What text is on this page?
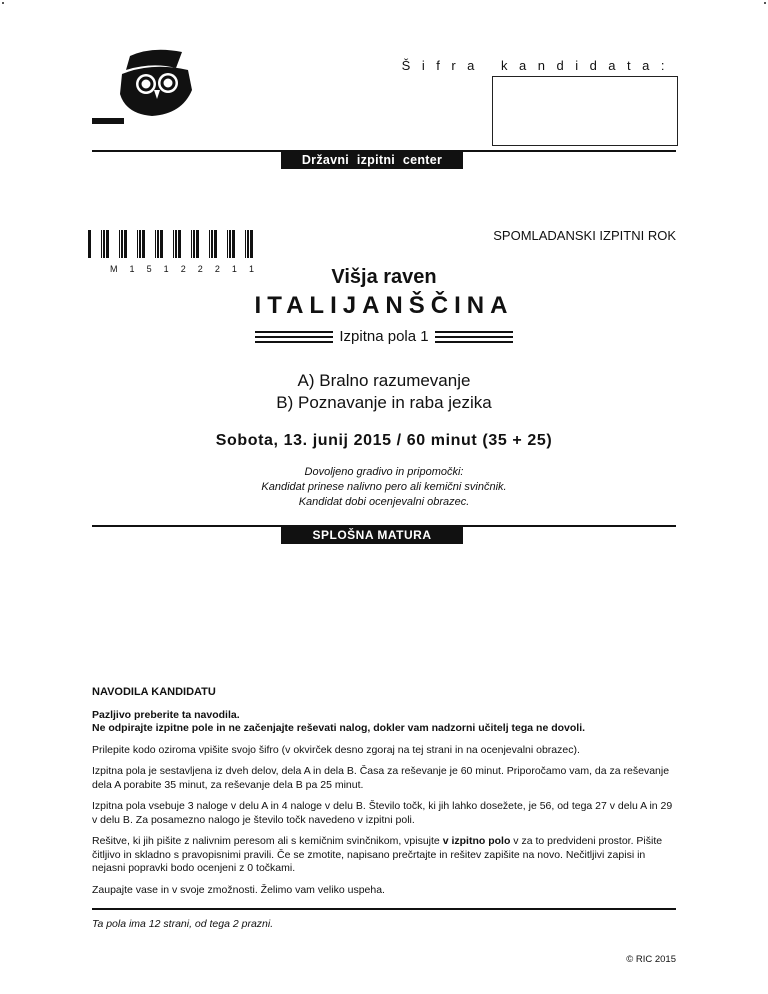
Šifra kandidata:
Državni izpitni center
M 1 5 1 2 2 2 1 1
SPOMLADANSKI IZPITNI ROK
Višja raven
ITALIJANŠČINA
Izpitna pola 1
A) Bralno razumevanje
B) Poznavanje in raba jezika
Sobota, 13. junij 2015 / 60 minut (35 + 25)
Dovoljeno gradivo in pripomočki:
Kandidat prinese nalivno pero ali kemični svinčnik.
Kandidat dobi ocenjevalni obrazec.
SPLOŠNA MATURA
NAVODILA KANDIDATU

Pazljivo preberite ta navodila.
Ne odpirajte izpitne pole in ne začenjajte reševati nalog, dokler vam nadzorni učitelj tega ne dovoli.

Prilepite kodo oziroma vpišite svojo šifro (v okvirček desno zgoraj na tej strani in na ocenjevalni obrazec).

Izpitna pola je sestavljena iz dveh delov, dela A in dela B. Časa za reševanje je 60 minut. Priporočamo vam, da za reševanje dela A porabite 35 minut, za reševanje dela B pa 25 minut.

Izpitna pola vsebuje 3 naloge v delu A in 4 naloge v delu B. Število točk, ki jih lahko dosežete, je 56, od tega 27 v delu A in 29 v delu B. Za posamezno nalogo je število točk navedeno v izpitni poli.

Rešitve, ki jih pišite z nalivnim peresom ali s kemičnim svinčnikom, vpisujte v izpitno polo v za to predvideni prostor. Pišite čitljivo in skladno s pravopisnimi pravili. Če se zmotite, napisano prečrtajte in rešitev zapišite na novo. Nečitljivi zapisi in nejasni popravki bodo ocenjeni z 0 točkami.

Zaupajte vase in v svoje zmožnosti. Želimo vam veliko uspeha.

Ta pola ima 12 strani, od tega 2 prazni.
© RIC 2015
